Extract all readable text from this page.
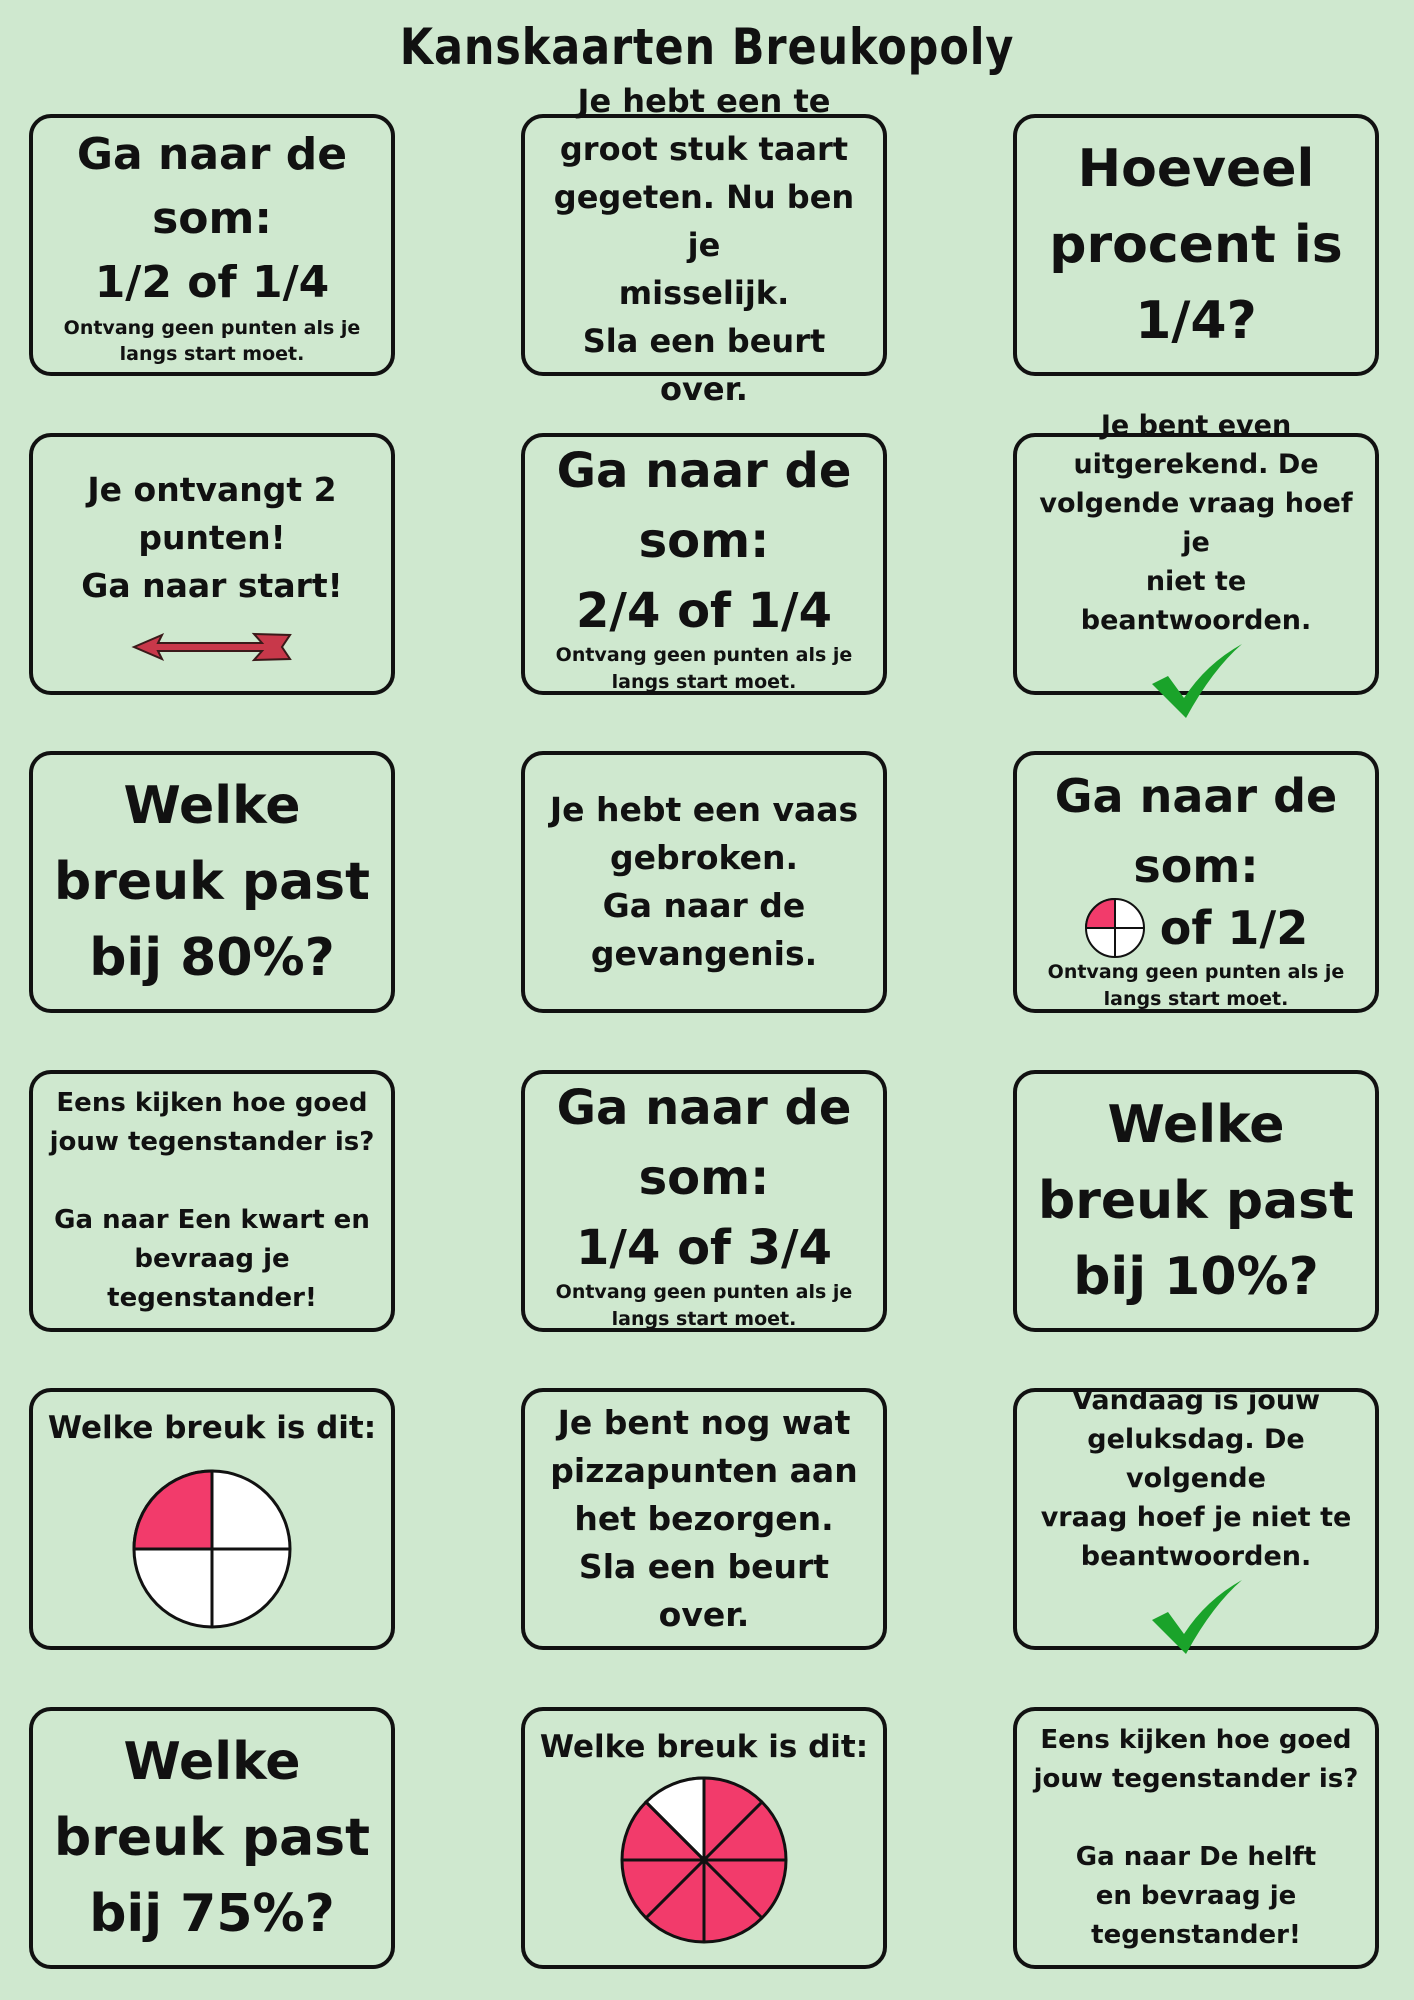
Kanskaarten Breukopoly
Ga naar de
som:
1/2 of 1/4
Ontvang geen punten als je
langs start moet.
Je hebt een te
groot stuk taart
gegeten. Nu ben je
misselijk.
Sla een beurt over.
Hoeveel
procent is
1/4?
Je ontvangt 2
punten!
Ga naar start!
Ga naar de
som:
2/4 of 1/4
Ontvang geen punten als je
langs start moet.
Je bent even
uitgerekend. De
volgende vraag hoef je
niet te beantwoorden.
Welke
breuk past
bij 80%?
Je hebt een vaas
gebroken.
Ga naar de
gevangenis.
Ga naar de
som:
of 1/2
Ontvang geen punten als je
langs start moet.
Eens kijken hoe goed
jouw tegenstander is?

Ga naar Een kwart en
bevraag je
tegenstander!
Ga naar de
som:
1/4 of 3/4
Ontvang geen punten als je
langs start moet.
Welke
breuk past
bij 10%?
Welke breuk is dit:	Je bent nog wat
pizzapunten aan
het bezorgen.
Sla een beurt over.
Vandaag is jouw
geluksdag. De volgende
vraag hoef je niet te
beantwoorden.
Welke
breuk past
bij 75%?
Welke breuk is dit:	Eens kijken hoe goed
jouw tegenstander is?

Ga naar De helft
en bevraag je
tegenstander!
